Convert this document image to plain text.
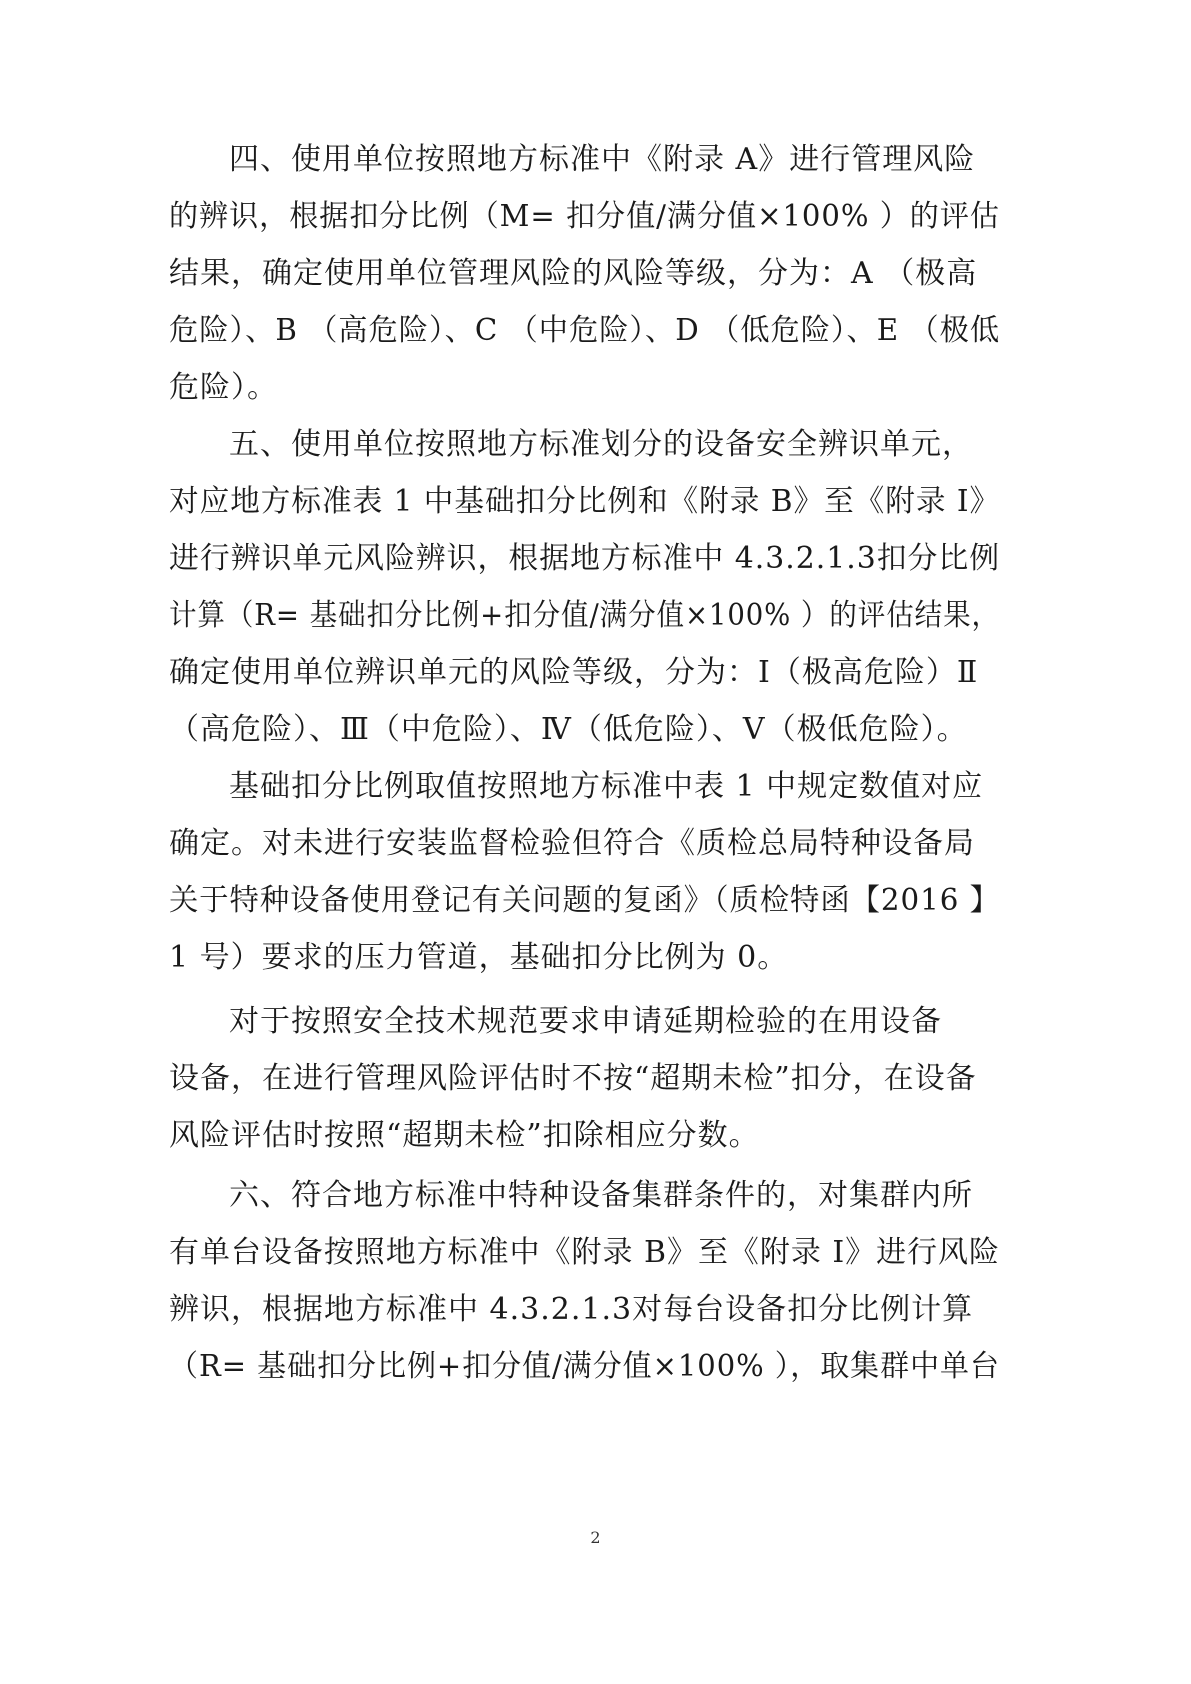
四、使用单位按照地方标准中《附录 A》进行管理风险
的辨识，根据扣分比例（M= 扣分值/满分值×100% ）的评估
结果，确定使用单位管理风险的风险等级，分为：A （极高
危险）、B （高危险）、C （中危险）、D （低危险）、E （极低
危险）。
五、使用单位按照地方标准划分的设备安全辨识单元，
对应地方标准表 1 中基础扣分比例和《附录 B》至《附录 I》
进行辨识单元风险辨识，根据地方标准中 4.3.2.1.3扣分比例
计算（R= 基础扣分比例+扣分值/满分值×100% ）的评估结果，
确定使用单位辨识单元的风险等级，分为：Ⅰ（极高危险）Ⅱ
（高危险）、Ⅲ（中危险）、Ⅳ（低危险）、Ⅴ（极低危险）。
基础扣分比例取值按照地方标准中表 1 中规定数值对应
确定。对未进行安装监督检验但符合《质检总局特种设备局
关于特种设备使用登记有关问题的复函》（质检特函【2016 】
1 号）要求的压力管道，基础扣分比例为 0。
对于按照安全技术规范要求申请延期检验的在用设备
设备，在进行管理风险评估时不按“超期未检”扣分，在设备
风险评估时按照“超期未检”扣除相应分数。
六、符合地方标准中特种设备集群条件的，对集群内所
有单台设备按照地方标准中《附录 B》至《附录 I》进行风险
辨识，根据地方标准中 4.3.2.1.3对每台设备扣分比例计算
（R= 基础扣分比例+扣分值/满分值×100% ），取集群中单台
2
